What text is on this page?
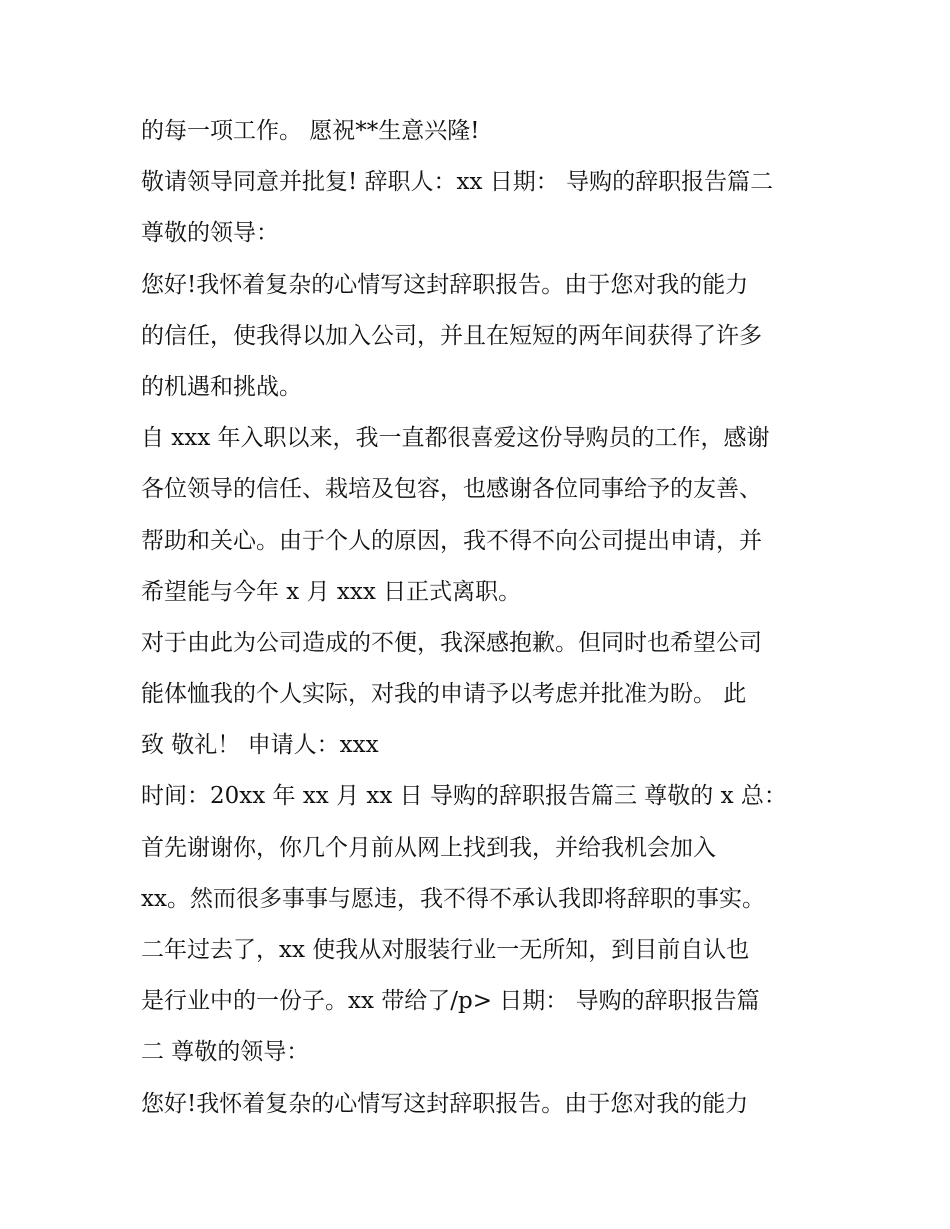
的每一项工作。 愿祝**生意兴隆!
敬请领导同意并批复! 辞职人：xx 日期： 导购的辞职报告篇二
尊敬的领导：
您好!我怀着复杂的心情写这封辞职报告。由于您对我的能力
的信任，使我得以加入公司，并且在短短的两年间获得了许多
的机遇和挑战。
自 xxx 年入职以来，我一直都很喜爱这份导购员的工作，感谢
各位领导的信任、栽培及包容，也感谢各位同事给予的友善、
帮助和关心。由于个人的原因，我不得不向公司提出申请，并
希望能与今年 x 月 xxx 日正式离职。
对于由此为公司造成的不便，我深感抱歉。但同时也希望公司
能体恤我的个人实际，对我的申请予以考虑并批准为盼。 此
致 敬礼！ 申请人：xxx
时间：20xx 年 xx 月 xx 日 导购的辞职报告篇三 尊敬的 x 总：
首先谢谢你，你几个月前从网上找到我，并给我机会加入
xx。然而很多事事与愿违，我不得不承认我即将辞职的事实。
二年过去了，xx 使我从对服装行业一无所知，到目前自认也
是行业中的一份子。xx 带给了/p> 日期： 导购的辞职报告篇
二 尊敬的领导：
您好!我怀着复杂的心情写这封辞职报告。由于您对我的能力
